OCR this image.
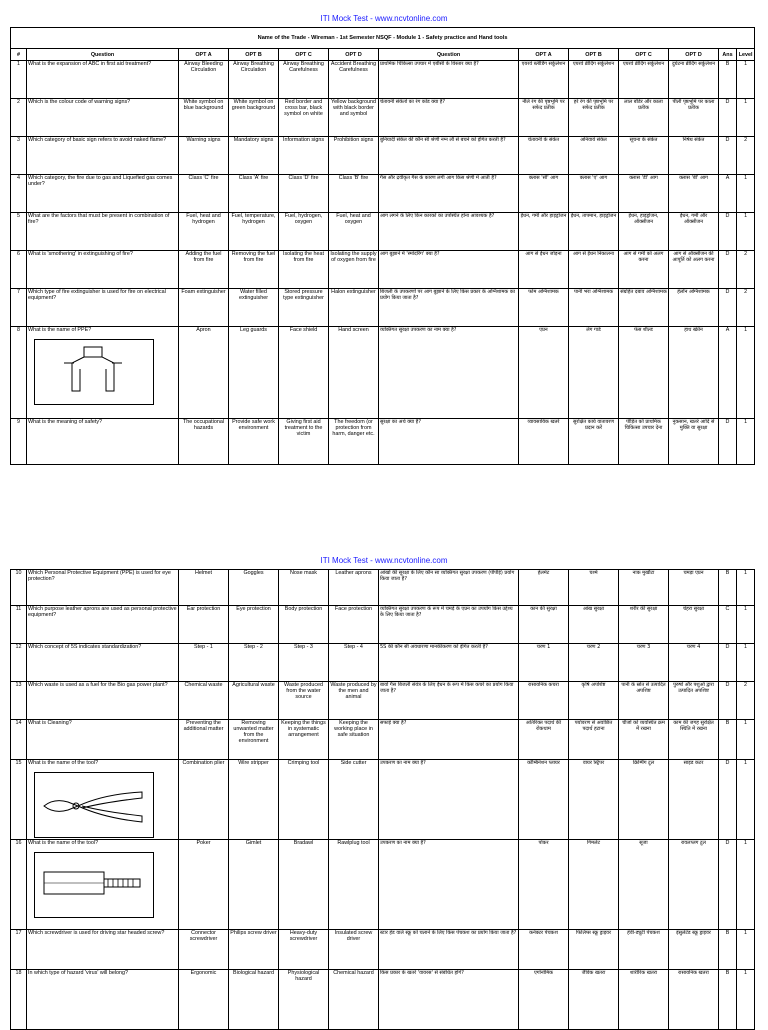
ITI Mock Test - www.ncvtonline.com
Name of the Trade - Wireman - 1st Semester NSQF - Module 1 - Safety practice and Hand tools												
#	Question	OPT A	OPT B	OPT C	OPT D	Question	OPT A	OPT B	OPT C	OPT D	Ans	Level
1	What is the expansion of ABC in first aid treatment?	Airway Bleeding Circulation	Airway Breathing Circulation	Airway Breathing Carefulness	Accident Breathing Carefulness	प्राथमिक चिकित्सा उपचार में एबीसी के विस्तार क्या है?	एयरवे ब्लीडिंग सर्कुलेशन	एयरवे ब्रीदिंग सर्कुलेशन	एयरवे ब्रीदिंग सर्कुलेशन	दुर्घटना ब्रीदिंग सर्कुलेशन	B	1
2	Which is the colour code of warning signs?	White symbol on blue background	White symbol on green background	Red border and cross bar, black symbol on white	Yellow background with black border and symbol	चेतावनी संकेतों का रंग कोड क्या है?	नीले रंग की पृष्ठभूमि पर सफेद प्रतीक	हरे रंग की पृष्ठभूमि पर सफेद प्रतीक	लाल बॉर्डर और काला प्रतीक	पीली पृष्ठभूमि पर काला प्रतीक	D	1
3	Which category of basic sign refers to avoid naked flame?	Warning signs	Mandatory signs	Information signs	Prohibition signs	बुनियादी संकेत की कौन सी श्रेणी नग्न लौ से बचने को इंगित करती है?	चेतावनी के संकेत	अनिवार्य संकेत	सूचना के संकेत	निषेध संकेत	D	2
4	Which category, the fire due to gas and Liquefied gas comes under?	Class 'C' fire	Class 'A' fire	Class 'D' fire	Class 'B' fire	गैस और द्रवीकृत गैस के कारण लगी आग किस श्रेणी में आती है?	क्लास 'सी' आग	क्लास 'ए' आग	क्लास 'डी' आग	क्लास 'बी' आग	A	1
5	What are the factors that must be present in combination of fire?	Fuel, heat and hydrogen	Fuel, temperature, hydrogen	Fuel, hydrogen, oxygen	Fuel, heat and oxygen	आग लगने के लिए किन कारकों का उपस्थित होना आवश्यक है?	ईंधन, गर्मी और हाइड्रोजन	ईंधन, तापमान, हाइड्रोजन	ईंधन, हाइड्रोजन, ऑक्सीजन	ईंधन, गर्मी और ऑक्सीजन	D	1
6	What is 'smothering' in extinguishing of fire?	Adding the fuel from fire	Removing the fuel from fire	Isolating the heat from fire	Isolating the supply of oxygen from fire	आग बुझाने में 'स्मोदरिंग' क्या है?	आग से ईंधन जोड़ना	आग से ईंधन निकालना	आग से गर्मी को अलग करना	आग से ऑक्सीजन की आपूर्ति को अलग करना	D	2
7	Which type of fire extinguisher is used for fire on electrical equipment?	Foam extinguisher	Water filled extinguisher	Stored pressure type extinguisher	Halon extinguisher	बिजली के उपकरणों पर आग बुझाने के लिए किस प्रकार के अग्निशामक का प्रयोग किया जाता है?	फोम अग्निशामक	पानी भरा अग्निशामक	संग्रहित दबाव अग्निशामक	हेलॉन अग्निशामक	D	2
8	What is the name of PPE?	Apron	Leg guards	Face shield	Hand screen	व्यक्तिगत सुरक्षा उपकरण का नाम क्या है?	एप्रन	लेग गार्ड	फेस शील्ड	हाथ स्क्रीन	A	1
9	What is the meaning of safety?	The occupational hazards	Provide safe work environment	Giving first aid treatment to the victim	The freedom (or protection from harm, danger etc.	सुरक्षा का अर्थ क्या है?	व्यावसायिक खतरे	सुरक्षित कार्य वातावरण प्रदान करें	पीड़ित को प्राथमिक चिकित्सा उपचार देना	नुकसान, खतरे आदि से मुक्ति या सुरक्षा	D	1
ITI Mock Test - www.ncvtonline.com
10	Which Personal Protective Equipment (PPE) is used for eye protection?	Helmet	Goggles	Nose mask	Leather aprons	आंखों की सुरक्षा के लिए कौन सा व्यक्तिगत सुरक्षा उपकरण (पीपीई) प्रयोग किया जाता है?	हेलमेट	चश्मे	नाक मुखौटा	चमड़ा एप्रन	B	1
11	Which purpose leather aprons are used as personal protective equipment?	Ear protection	Eye protection	Body protection	Face protection	व्यक्तिगत सुरक्षा उपकरण के रूप में चमड़े के एप्रन का उपयोग किस उद्देश्य के लिए किया जाता है?	कान की सुरक्षा	आंख सुरक्षा	शरीर की सुरक्षा	चेहरा सुरक्षा	C	1
12	Which concept of 5S indicates standardization?	Step - 1	Step - 2	Step - 3	Step - 4	5S की कौन सी अवधारणा मानकीकरण को इंगित करती है?	चरण 1	चरण 2	चरण 3	चरण 4	D	1
13	Which waste is used as a fuel for the Bio gas power plant?	Chemical waste	Agricultural waste	Waste produced from the water source	Waste produced by the men and animal	बायो गैस बिजली संयंत्र के लिए ईंधन के रूप में किस कचरे का प्रयोग किया जाता है?	रासायनिक कचरा	कृषि अपशिष्ट	पानी के स्रोत से उत्पादित अपशिष्ट	पुरुषों और पशुओं द्वारा उत्पादित अपशिष्ट	D	2
14	What is Cleaning?	Preventing the additional matter	Removing unwanted matter from the environment	Keeping the things in systematic arrangement	Keeping the working place in safe situation	सफाई क्या है?	अतिरिक्त पदार्थ की रोकथाम	पर्यावरण से अवांछित पदार्थ हटाना	चीजों को व्यवस्थित क्रम में रखना	काम की जगह सुरक्षित स्थिति में रखना	B	1
15	What is the name of the tool?	Combination plier	Wire stripper	Crimping tool	Side cutter	उपकरण का नाम क्या है?	कॉम्बिनेशन प्लायर	वायर स्ट्रिपर	क्रिम्पिंग टूल	साइड कटर	D	1
16	What is the name of the tool?	Poker	Gimlet	Bradawl	Rawlplug tool	उपकरण का नाम क्या है?	पोकर	गिमलेट	सूजा	रावलप्लग टूल	D	1
17	Which screwdriver is used for driving star headed screw?	Connector screwdriver	Philips screw driver	Heavy-duty screwdriver	Insulated screw driver	स्टार हेड वाले स्क्रू को चलाने के लिए किस पेचकश का प्रयोग किया जाता है?	कनेक्टर पेचकश	फिलिप्स स्क्रू ड्राइवर	हेवी-ड्यूटी पेचकश	इंसुलेटेड स्क्रू ड्राइवर	B	1
18	In which type of hazard 'virus' will belong?	Ergonomic	Biological hazard	Physiological hazard	Chemical hazard	किस प्रकार के खतरे 'वायरस' से संबंधित होंगे?	एर्गोनोमिक	जैविक खतरा	शारीरिक खतरा	रासायनिक खतरा	B	1
